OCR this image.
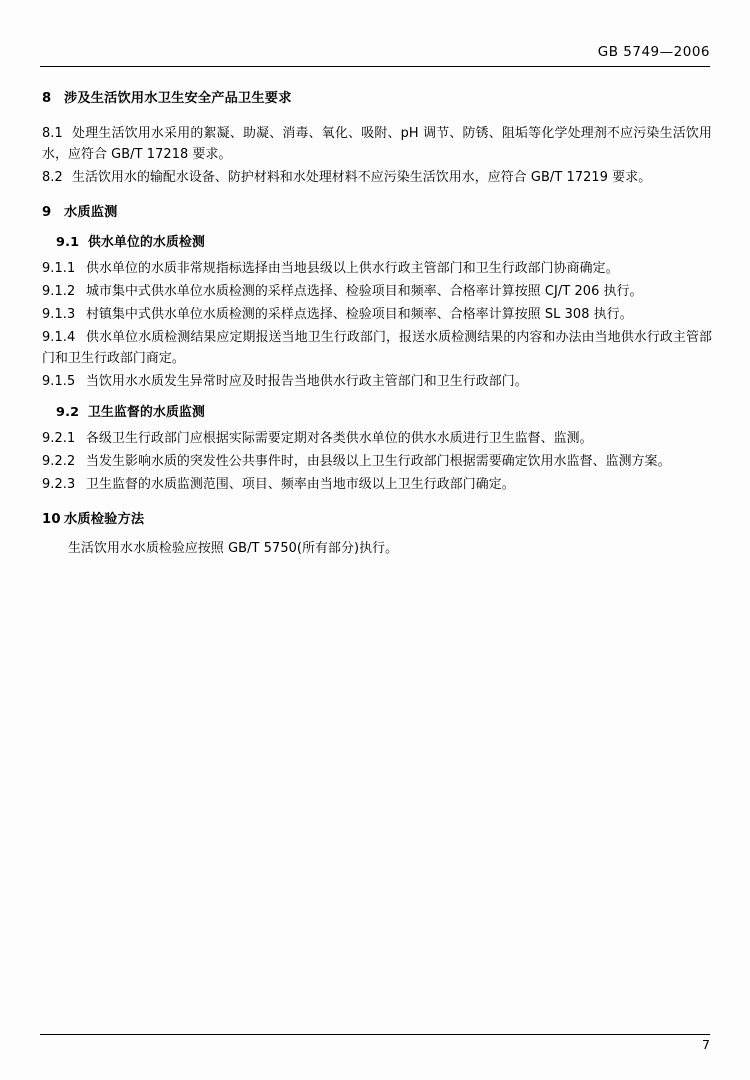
GB 5749—2006
8 涉及生活饮用水卫生安全产品卫生要求
8.1 处理生活饮用水采用的絮凝、助凝、消毒、氧化、吸附、pH 调节、防锈、阻垢等化学处理剂不应污染生活饮用水，应符合 GB/T 17218 要求。
8.2 生活饮用水的输配水设备、防护材料和水处理材料不应污染生活饮用水，应符合 GB/T 17219 要求。
9 水质监测
9.1 供水单位的水质检测
9.1.1 供水单位的水质非常规指标选择由当地县级以上供水行政主管部门和卫生行政部门协商确定。
9.1.2 城市集中式供水单位水质检测的采样点选择、检验项目和频率、合格率计算按照 CJ/T 206 执行。
9.1.3 村镇集中式供水单位水质检测的采样点选择、检验项目和频率、合格率计算按照 SL 308 执行。
9.1.4 供水单位水质检测结果应定期报送当地卫生行政部门，报送水质检测结果的内容和办法由当地供水行政主管部门和卫生行政部门商定。
9.1.5 当饮用水水质发生异常时应及时报告当地供水行政主管部门和卫生行政部门。
9.2 卫生监督的水质监测
9.2.1 各级卫生行政部门应根据实际需要定期对各类供水单位的供水水质进行卫生监督、监测。
9.2.2 当发生影响水质的突发性公共事件时，由县级以上卫生行政部门根据需要确定饮用水监督、监测方案。
9.2.3 卫生监督的水质监测范围、项目、频率由当地市级以上卫生行政部门确定。
10 水质检验方法
生活饮用水水质检验应按照 GB/T 5750(所有部分)执行。
7
